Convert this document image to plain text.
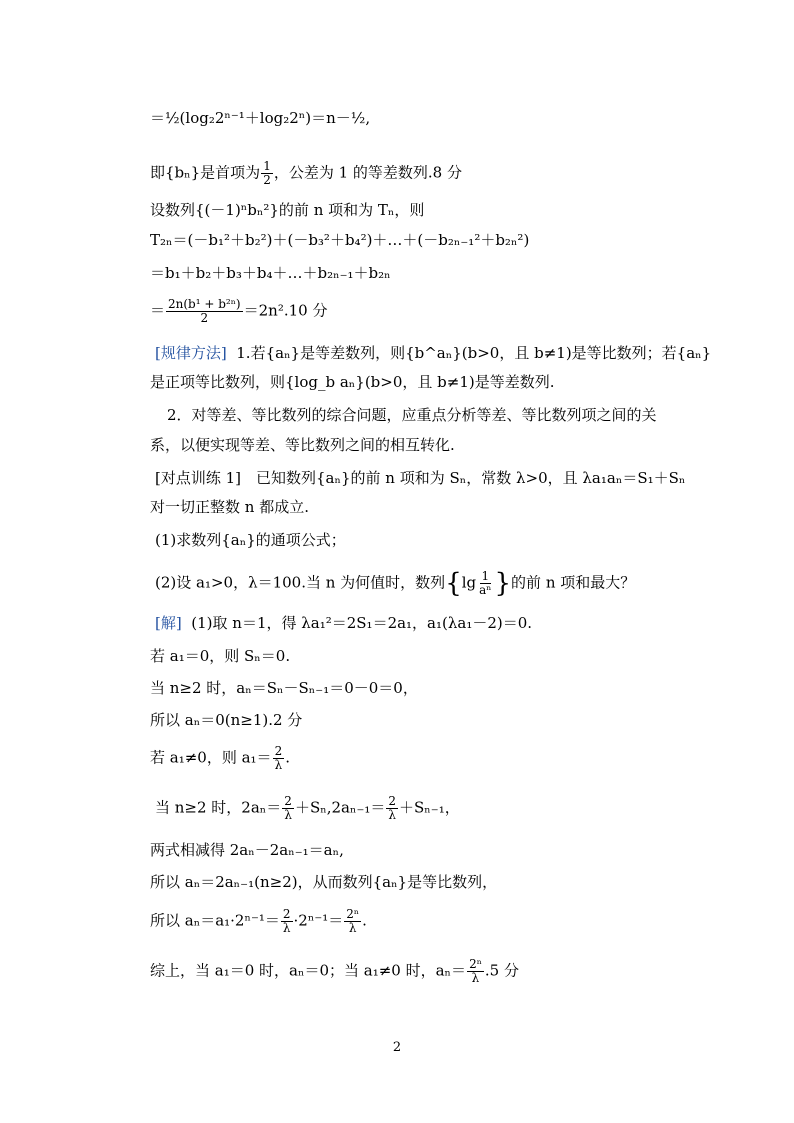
＝½(log₂2ⁿ⁻¹＋log₂2ⁿ)＝n－½,
即{bₙ}是首项为 $\frac{1}{2}$ ，公差为 1 的等差数列.8 分
设数列{(－1)ⁿbₙ²}的前 n 项和为 Tₙ，则
T₂ₙ＝(－b₁²＋b₂²)＋(－b₃²＋b₄²)＋…＋(－b₂ₙ₋₁²＋b₂ₙ²)
＝b₁＋b₂＋b₃＋b₄＋…＋b₂ₙ₋₁＋b₂ₙ
＝ $\frac{\text{2n(b¹ + b²ⁿ)}}{2} =2n^2.10$ 分
[规律方法] 1.若{aₙ}是等差数列，则{b^aₙ}(b>0，且 b≠1)是等比数列；若{aₙ}
是正项等比数列，则{log_b aₙ}(b>0，且 b≠1)是等差数列.
2．对等差、等比数列的综合问题，应重点分析等差、等比数列项之间的关
系，以便实现等差、等比数列之间的相互转化.
[对点训练 1]　已知数列{aₙ}的前 n 项和为 Sₙ，常数 λ>0，且 λa₁aₙ＝S₁＋Sₙ
对一切正整数 n 都成立.
(1)求数列{aₙ}的通项公式；
(2)设 a₁>0，λ＝100.当 n 为何值时，数列{$\lg \frac{1}{\text{aⁿ}}$ }的前 n 项和最大？
[解] (1)取 n＝1，得 λa₁²＝2S₁＝2a₁，a₁(λa₁－2)＝0.
若 a₁＝0，则 Sₙ＝0.
当 n≥2 时，aₙ＝Sₙ－Sₙ₋₁＝0－0＝0，
所以 aₙ＝0(n≥1).2 分
若 a₁≠0，则 $a_1= \frac{2}{\lambda}$ .
当 n≥2 时，$2a_n= \frac{2}{\lambda} +S_n,2a_{n-1}= \frac{2}{\lambda} +S_{n-1}$，
两式相减得 2aₙ－2aₙ₋₁＝aₙ,
所以 aₙ＝2aₙ₋₁(n≥2)，从而数列{aₙ}是等比数列，
所以 $a_n=a_1\cdot 2^{n-1}= \frac{2}{\lambda} \cdot 2^{n-1}= \frac{\text{2ⁿ}}{\lambda}$ .
综上，当 a₁＝0 时，aₙ＝0；当 a₁≠0 时，$a_n= \frac{\text{2ⁿ}}{\lambda} .5$ 分
2
